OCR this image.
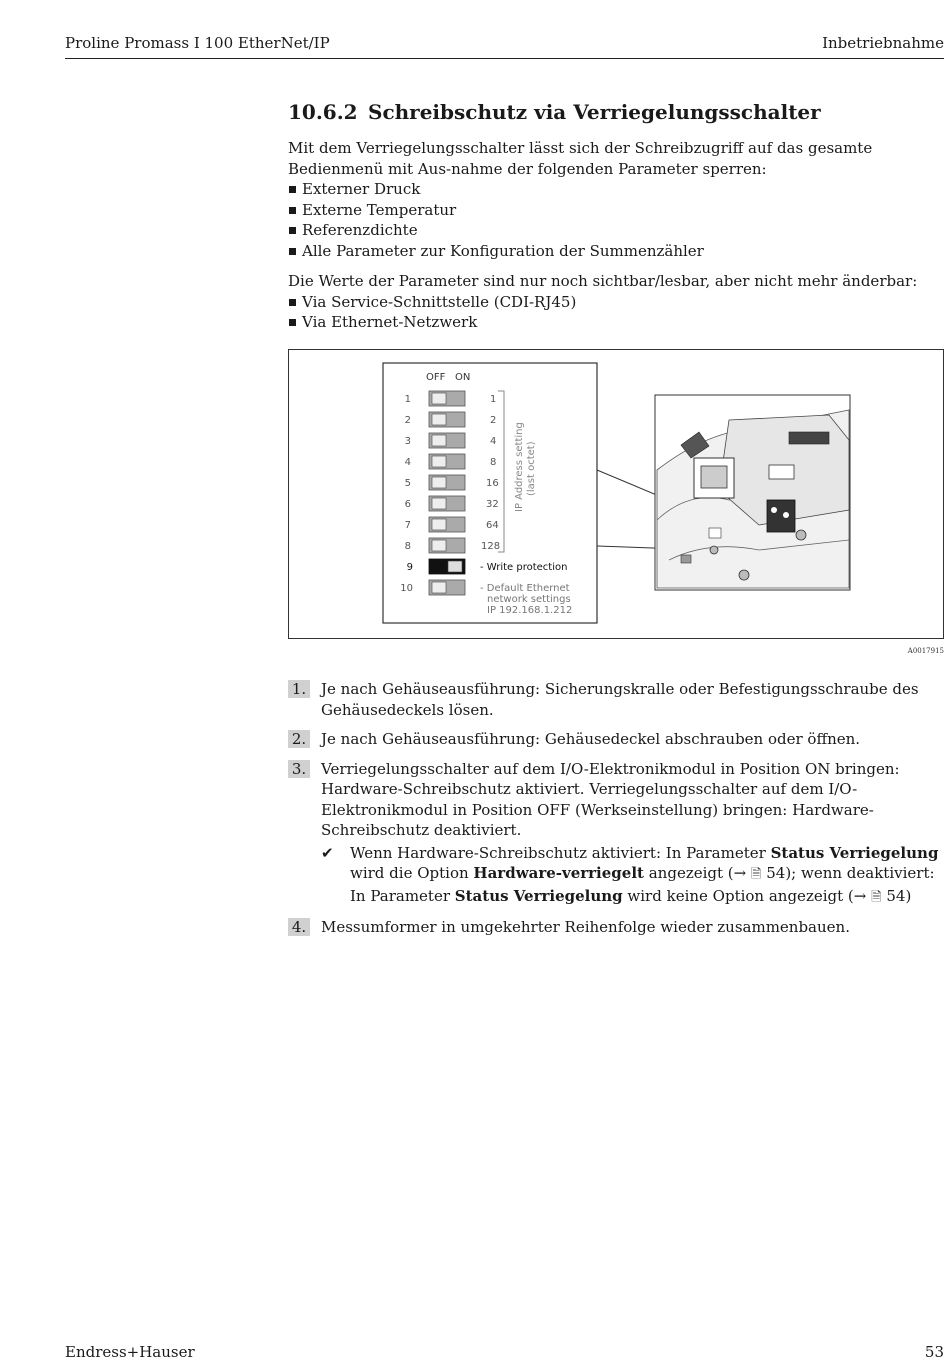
Proline Promass I 100 EtherNet/IP	Inbetriebnahme
10.6.2 Schreibschutz via Verriegelungsschalter

Mit dem Verriegelungsschalter lässt sich der Schreibzugriff auf das gesamte Bedienmenü mit Aus-nahme der folgenden Parameter sperren:

Externer Druck
Externe Temperatur
Referenzdichte
Alle Parameter zur Konfiguration der Summenzähler

Die Werte der Parameter sind nur noch sichtbar/lesbar, aber nicht mehr änderbar:

Via Service-Schnittstelle (CDI-RJ45)
Via Ethernet-Netzwerk
OFF ON
1	1
2	2
3	4
4	8
5	16
6	32
7	64
8	128
9	- Write protection
10	- Default Ethernet
network settings
IP 192.168.1.212
IP Address setting (last octet)
A0017915
1. Je nach Gehäuseausführung: Sicherungskralle oder Befestigungsschraube des Gehäusedeckels lösen.
2. Je nach Gehäuseausführung: Gehäusedeckel abschrauben oder öffnen.
3. Verriegelungsschalter auf dem I/O-Elektronikmodul in Position ON bringen: Hardware-Schreibschutz aktiviert. Verriegelungsschalter auf dem I/O-Elektronikmodul in Position OFF (Werkseinstellung) bringen: Hardware-Schreibschutz deaktiviert.
✔ Wenn Hardware-Schreibschutz aktiviert: In Parameter Status Verriegelung wird die Option Hardware-verriegelt angezeigt (→ 🗎 54); wenn deaktiviert: In Parameter Status Verriegelung wird keine Option angezeigt (→ 🗎 54)
4. Messumformer in umgekehrter Reihenfolge wieder zusammenbauen.
Endress+Hauser	53
